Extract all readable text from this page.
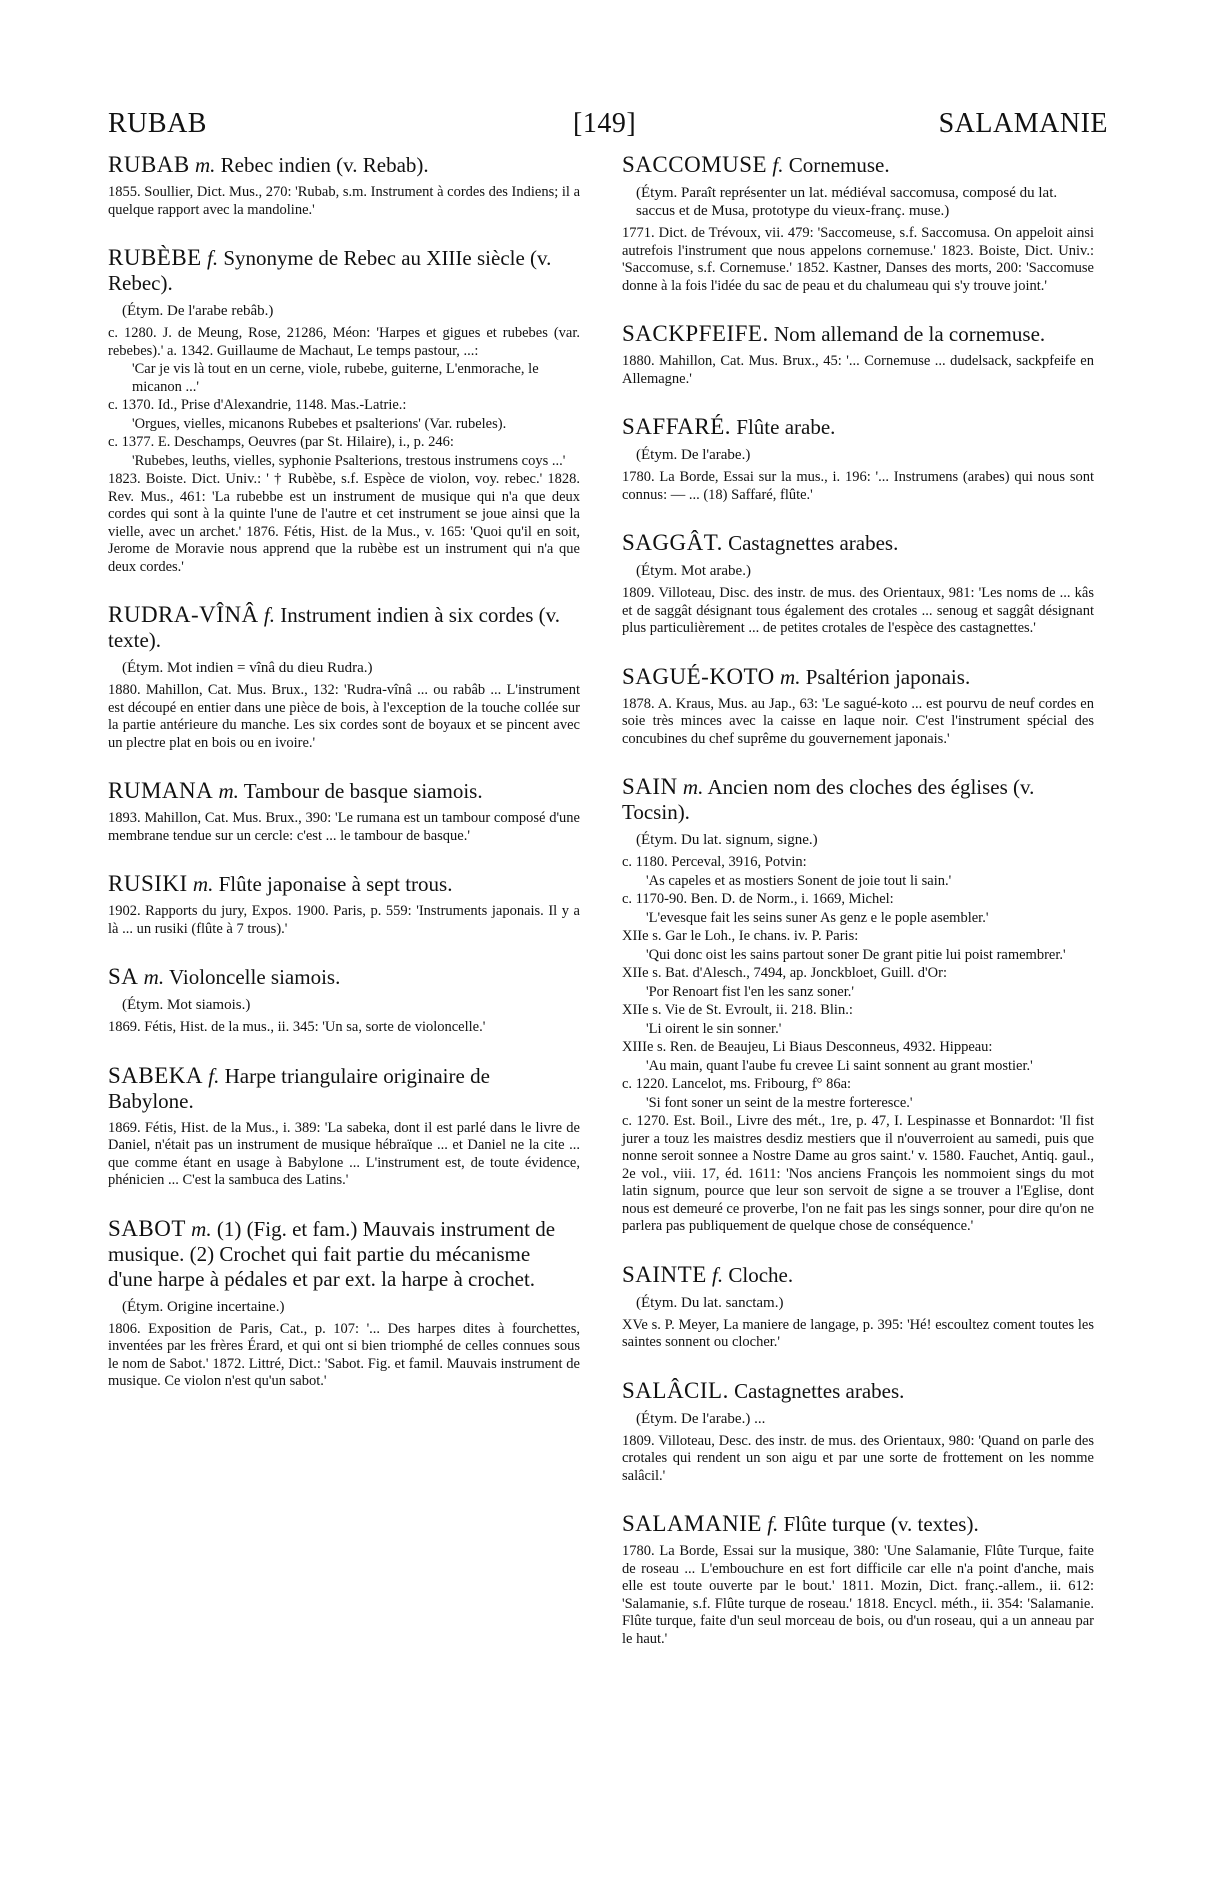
RUBAB	[149]	SALAMANIE
RUBAB m. Rebec indien (v. Rebab).
1855. Soullier, Dict. Mus., 270: 'Rubab, s.m. Instrument à cordes des Indiens; il a quelque rapport avec la mandoline.'
RUBÈBE f. Synonyme de Rebec au XIIIe siècle (v. Rebec).
(Étym. De l'arabe rebâb.)
c. 1280. J. de Meung, Rose, 21286, Méon: 'Harpes et gigues et rubebes (var. rebebes).' a. 1342. Guillaume de Machaut, Le temps pastour, ...:
'Car je vis là tout en un cerne, viole, rubebe, guiterne, L'enmorache, le micanon ...'
c. 1370. Id., Prise d'Alexandrie, 1148. Mas.-Latrie.:
'Orgues, vielles, micanons Rubebes et psalterions' (Var. rubeles).
c. 1377. E. Deschamps, Oeuvres (par St. Hilaire), i., p. 246:
'Rubebes, leuths, vielles, syphonie Psalterions, trestous instrumens coys ...'
1823. Boiste. Dict. Univ.: ' † Rubèbe, s.f. Espèce de violon, voy. rebec.' 1828. Rev. Mus., 461: 'La rubebbe est un instrument de musique qui n'a que deux cordes qui sont à la quinte l'une de l'autre et cet instrument se joue ainsi que la vielle, avec un archet.' 1876. Fétis, Hist. de la Mus., v. 165: 'Quoi qu'il en soit, Jerome de Moravie nous apprend que la rubèbe est un instrument qui n'a que deux cordes.'
RUDRA-VÎNÂ f. Instrument indien à six cordes (v. texte).
(Étym. Mot indien = vînâ du dieu Rudra.)
1880. Mahillon, Cat. Mus. Brux., 132: 'Rudra-vînâ ... ou rabâb ... L'instrument est découpé en entier dans une pièce de bois, à l'exception de la touche collée sur la partie antérieure du manche. Les six cordes sont de boyaux et se pincent avec un plectre plat en bois ou en ivoire.'
RUMANA m. Tambour de basque siamois.
1893. Mahillon, Cat. Mus. Brux., 390: 'Le rumana est un tambour composé d'une membrane tendue sur un cercle: c'est ... le tambour de basque.'
RUSIKI m. Flûte japonaise à sept trous.
1902. Rapports du jury, Expos. 1900. Paris, p. 559: 'Instruments japonais. Il y a là ... un rusiki (flûte à 7 trous).'
SA m. Violoncelle siamois.
(Étym. Mot siamois.)
1869. Fétis, Hist. de la mus., ii. 345: 'Un sa, sorte de violoncelle.'
SABEKA f. Harpe triangulaire originaire de Babylone.
1869. Fétis, Hist. de la Mus., i. 389: 'La sabeka, dont il est parlé dans le livre de Daniel, n'était pas un instrument de musique hébraïque ... et Daniel ne la cite ... que comme étant en usage à Babylone ... L'instrument est, de toute évidence, phénicien ... C'est la sambuca des Latins.'
SABOT m. (1) (Fig. et fam.) Mauvais instrument de musique. (2) Crochet qui fait partie du mécanisme d'une harpe à pédales et par ext. la harpe à crochet.
(Étym. Origine incertaine.)
1806. Exposition de Paris, Cat., p. 107: '... Des harpes dites à fourchettes, inventées par les frères Érard, et qui ont si bien triomphé de celles connues sous le nom de Sabot.' 1872. Littré, Dict.: 'Sabot. Fig. et famil. Mauvais instrument de musique. Ce violon n'est qu'un sabot.'
SACCOMUSE f. Cornemuse.
(Étym. Paraît représenter un lat. médiéval saccomusa, composé du lat. saccus et de Musa, prototype du vieux-franç. muse.)
1771. Dict. de Trévoux, vii. 479: 'Saccomeuse, s.f. Saccomusa. On appeloit ainsi autrefois l'instrument que nous appelons cornemuse.' 1823. Boiste, Dict. Univ.: 'Saccomuse, s.f. Cornemuse.' 1852. Kastner, Danses des morts, 200: 'Saccomuse donne à la fois l'idée du sac de peau et du chalumeau qui s'y trouve joint.'
SACKPFEIFE. Nom allemand de la cornemuse.
1880. Mahillon, Cat. Mus. Brux., 45: '... Cornemuse ... dudelsack, sackpfeife en Allemagne.'
SAFFARÉ. Flûte arabe.
(Étym. De l'arabe.)
1780. La Borde, Essai sur la mus., i. 196: '... Instrumens (arabes) qui nous sont connus: — ... (18) Saffaré, flûte.'
SAGGÂT. Castagnettes arabes.
(Étym. Mot arabe.)
1809. Villoteau, Disc. des instr. de mus. des Orientaux, 981: 'Les noms de ... kâs et de saggât désignant tous également des crotales ... senoug et saggât désignant plus particulièrement ... de petites crotales de l'espèce des castagnettes.'
SAGUÉ-KOTO m. Psaltérion japonais.
1878. A. Kraus, Mus. au Jap., 63: 'Le sagué-koto ... est pourvu de neuf cordes en soie très minces avec la caisse en laque noir. C'est l'instrument spécial des concubines du chef suprême du gouvernement japonais.'
SAIN m. Ancien nom des cloches des églises (v. Tocsin).
(Étym. Du lat. signum, signe.)
c. 1180. Perceval, 3916, Potvin:
'As capeles et as mostiers Sonent de joie tout li sain.'
c. 1170-90. Ben. D. de Norm., i. 1669, Michel:
'L'evesque fait les seins suner As genz e le pople asembler.'
XIIe s. Gar le Loh., Ie chans. iv. P. Paris:
'Qui donc oist les sains partout soner De grant pitie lui poist ramembrer.'
XIIe s. Bat. d'Alesch., 7494, ap. Jonckbloet, Guill. d'Or:
'Por Renoart fist l'en les sanz soner.'
XIIe s. Vie de St. Evroult, ii. 218. Blin.:
'Li oirent le sin sonner.'
XIIIe s. Ren. de Beaujeu, Li Biaus Desconneus, 4932. Hippeau:
'Au main, quant l'aube fu crevee Li saint sonnent au grant mostier.'
c. 1220. Lancelot, ms. Fribourg, f° 86a:
'Si font soner un seint de la mestre forteresce.'
c. 1270. Est. Boil., Livre des mét., 1re, p. 47, I. Lespinasse et Bonnardot: 'Il fist jurer a touz les maistres desdiz mestiers que il n'ouverroient au samedi, puis que nonne seroit sonnee a Nostre Dame au gros saint.' v. 1580. Fauchet, Antiq. gaul., 2e vol., viii. 17, éd. 1611: 'Nos anciens François les nommoient sings du mot latin signum, pource que leur son servoit de signe a se trouver a l'Eglise, dont nous est demeuré ce proverbe, l'on ne fait pas les sings sonner, pour dire qu'on ne parlera pas publiquement de quelque chose de conséquence.'
SAINTE f. Cloche.
(Étym. Du lat. sanctam.)
XVe s. P. Meyer, La maniere de langage, p. 395: 'Hé! escoultez coment toutes les saintes sonnent ou clocher.'
SALÂCIL. Castagnettes arabes.
(Étym. De l'arabe.) ...
1809. Villoteau, Desc. des instr. de mus. des Orientaux, 980: 'Quand on parle des crotales qui rendent un son aigu et par une sorte de frottement on les nomme salâcil.'
SALAMANIE f. Flûte turque (v. textes).
1780. La Borde, Essai sur la musique, 380: 'Une Salamanie, Flûte Turque, faite de roseau ... L'embouchure en est fort difficile car elle n'a point d'anche, mais elle est toute ouverte par le bout.' 1811. Mozin, Dict. franç.-allem., ii. 612: 'Salamanie, s.f. Flûte turque de roseau.' 1818. Encycl. méth., ii. 354: 'Salamanie. Flûte turque, faite d'un seul morceau de bois, ou d'un roseau, qui a un anneau par le haut.'
